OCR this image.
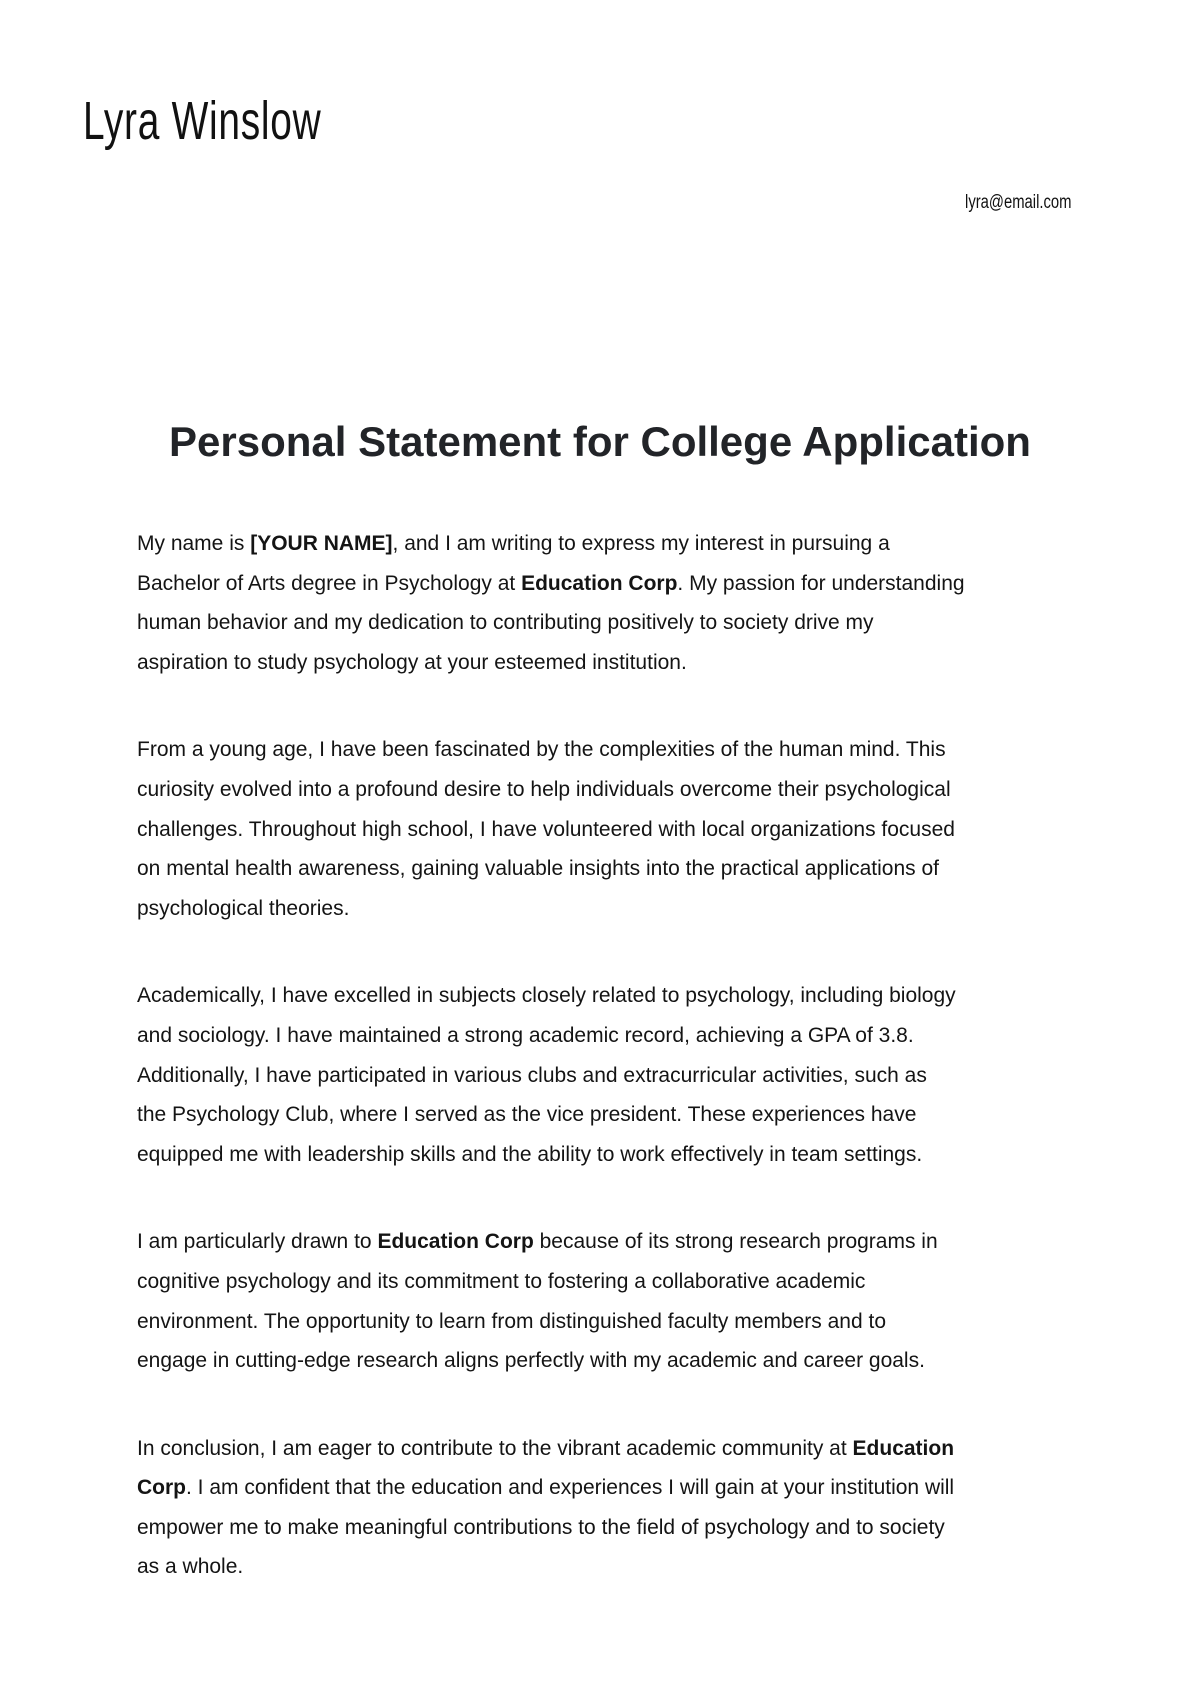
Lyra Winslow
lyra@email.com
Personal Statement for College Application

My name is [YOUR NAME], and I am writing to express my interest in pursuing a
Bachelor of Arts degree in Psychology at Education Corp. My passion for understanding
human behavior and my dedication to contributing positively to society drive my
aspiration to study psychology at your esteemed institution.

From a young age, I have been fascinated by the complexities of the human mind. This
curiosity evolved into a profound desire to help individuals overcome their psychological
challenges. Throughout high school, I have volunteered with local organizations focused
on mental health awareness, gaining valuable insights into the practical applications of
psychological theories.

Academically, I have excelled in subjects closely related to psychology, including biology
and sociology. I have maintained a strong academic record, achieving a GPA of 3.8.
Additionally, I have participated in various clubs and extracurricular activities, such as
the Psychology Club, where I served as the vice president. These experiences have
equipped me with leadership skills and the ability to work effectively in team settings.

I am particularly drawn to Education Corp because of its strong research programs in
cognitive psychology and its commitment to fostering a collaborative academic
environment. The opportunity to learn from distinguished faculty members and to
engage in cutting-edge research aligns perfectly with my academic and career goals.

In conclusion, I am eager to contribute to the vibrant academic community at Education
Corp. I am confident that the education and experiences I will gain at your institution will
empower me to make meaningful contributions to the field of psychology and to society
as a whole.
